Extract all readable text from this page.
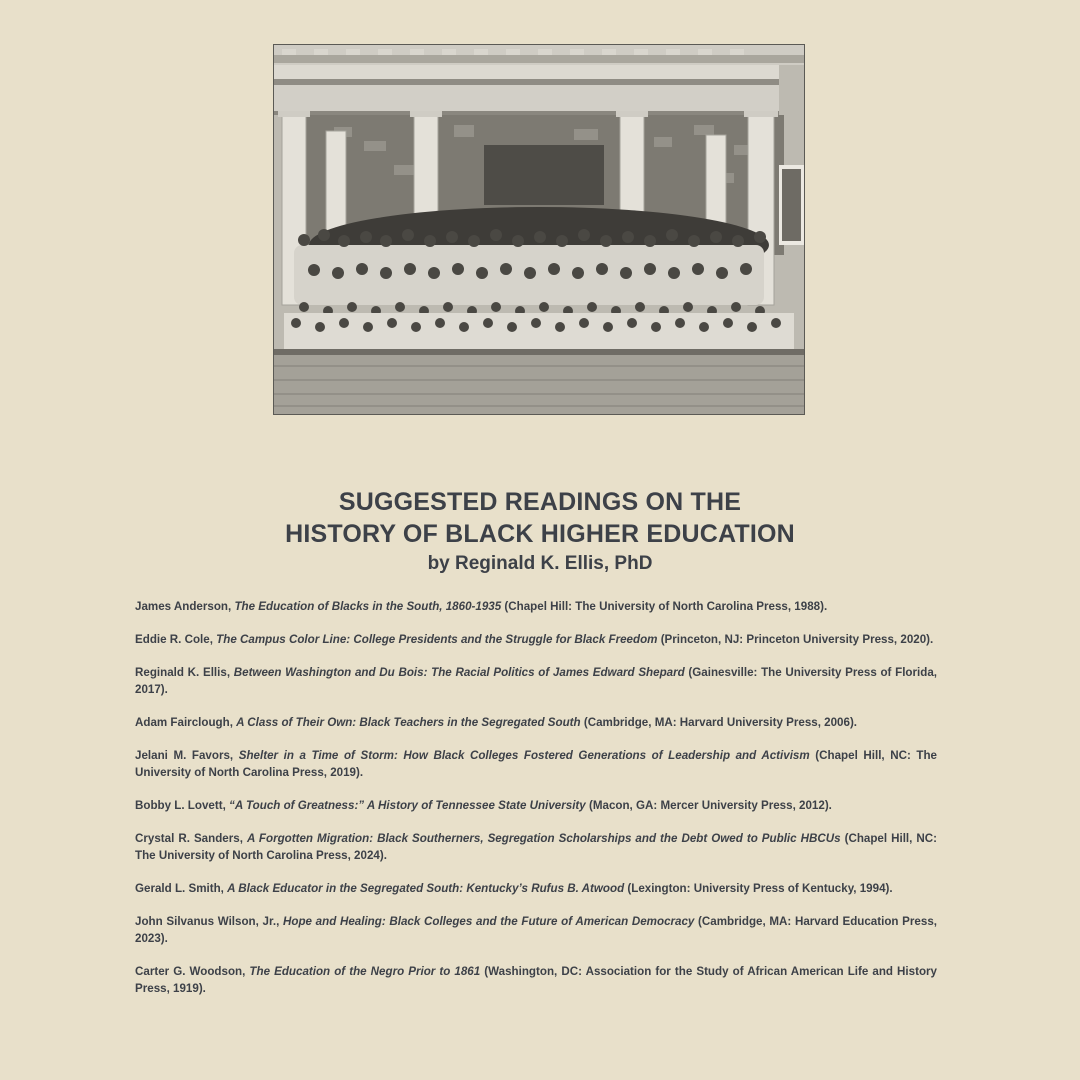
SUGGESTED READINGS ON THE
HISTORY OF BLACK HIGHER EDUCATION
by Reginald K. Ellis, PhD

James Anderson, The Education of Blacks in the South, 1860-1935 (Chapel Hill: The University of North Carolina Press, 1988).

Eddie R. Cole, The Campus Color Line: College Presidents and the Struggle for Black Freedom (Princeton, NJ: Princeton University Press, 2020).

Reginald K. Ellis, Between Washington and Du Bois: The Racial Politics of James Edward Shepard (Gainesville: The University Press of Florida, 2017).

Adam Fairclough, A Class of Their Own: Black Teachers in the Segregated South (Cambridge, MA: Harvard University Press, 2006).

Jelani M. Favors, Shelter in a Time of Storm: How Black Colleges Fostered Generations of Leadership and Activism (Chapel Hill, NC: The University of North Carolina Press, 2019).

Bobby L. Lovett, “A Touch of Greatness:” A History of Tennessee State University (Macon, GA: Mercer University Press, 2012).

Crystal R. Sanders, A Forgotten Migration: Black Southerners, Segregation Scholarships and the Debt Owed to Public HBCUs (Chapel Hill, NC: The University of North Carolina Press, 2024).

Gerald L. Smith, A Black Educator in the Segregated South: Kentucky’s Rufus B. Atwood (Lexington: University Press of Kentucky, 1994).

John Silvanus Wilson, Jr., Hope and Healing: Black Colleges and the Future of American Democracy (Cambridge, MA: Harvard Education Press, 2023).

Carter G. Woodson, The Education of the Negro Prior to 1861 (Washington, DC: Association for the Study of African American Life and History Press, 1919).
